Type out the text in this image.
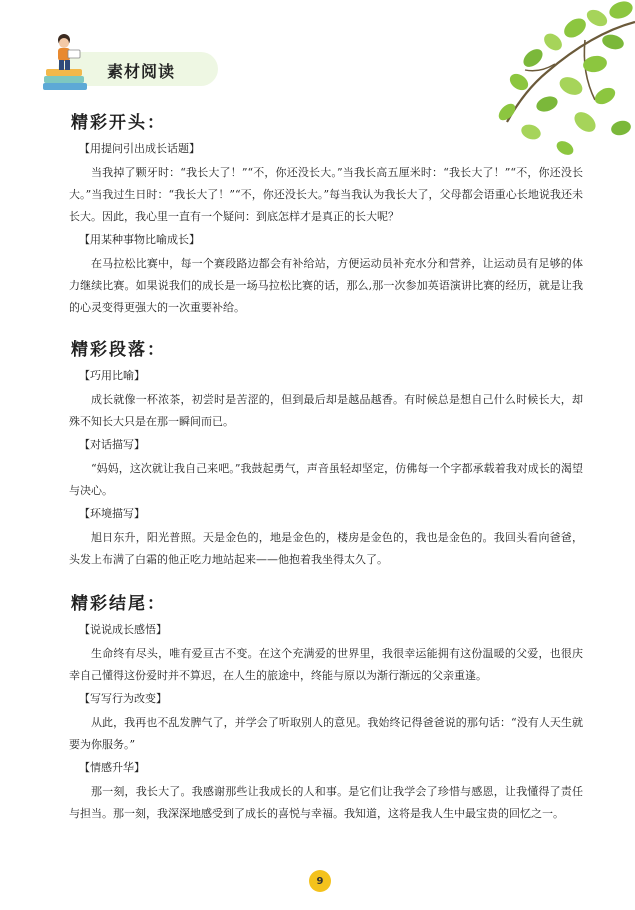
素材阅读
精彩开头：
【用提问引出成长话题】
当我掉了颗牙时：“我长大了！”“不，你还没长大。”当我长高五厘米时：“我长大了！”“不，你还没长大。”当我过生日时：“我长大了！”“不，你还没长大。”每当我认为我长大了，父母都会语重心长地说我还未长大。因此，我心里一直有一个疑问：到底怎样才是真正的长大呢？
【用某种事物比喻成长】
在马拉松比赛中，每一个赛段路边都会有补给站，方便运动员补充水分和营养，让运动员有足够的体力继续比赛。如果说我们的成长是一场马拉松比赛的话，那么,那一次参加英语演讲比赛的经历，就是让我的心灵变得更强大的一次重要补给。
精彩段落：
【巧用比喻】
成长就像一杯浓茶，初尝时是苦涩的，但到最后却是越品越香。有时候总是想自己什么时候长大，却殊不知长大只是在那一瞬间而已。
【对话描写】
“妈妈，这次就让我自己来吧。”我鼓起勇气，声音虽轻却坚定，仿佛每一个字都承载着我对成长的渴望与决心。
【环境描写】
旭日东升，阳光普照。天是金色的，地是金色的，楼房是金色的，我也是金色的。我回头看向爸爸，头发上布满了白霜的他正吃力地站起来——他抱着我坐得太久了。
精彩结尾：
【说说成长感悟】
生命终有尽头，唯有爱亘古不变。在这个充满爱的世界里，我很幸运能拥有这份温暖的父爱，也很庆幸自己懂得这份爱时并不算迟，在人生的旅途中，终能与原以为渐行渐远的父亲重逢。
【写写行为改变】
从此，我再也不乱发脾气了，并学会了听取别人的意见。我始终记得爸爸说的那句话：“没有人天生就要为你服务。”
【情感升华】
那一刻，我长大了。我感谢那些让我成长的人和事。是它们让我学会了珍惜与感恩，让我懂得了责任与担当。那一刻，我深深地感受到了成长的喜悦与幸福。我知道，这将是我人生中最宝贵的回忆之一。
9
